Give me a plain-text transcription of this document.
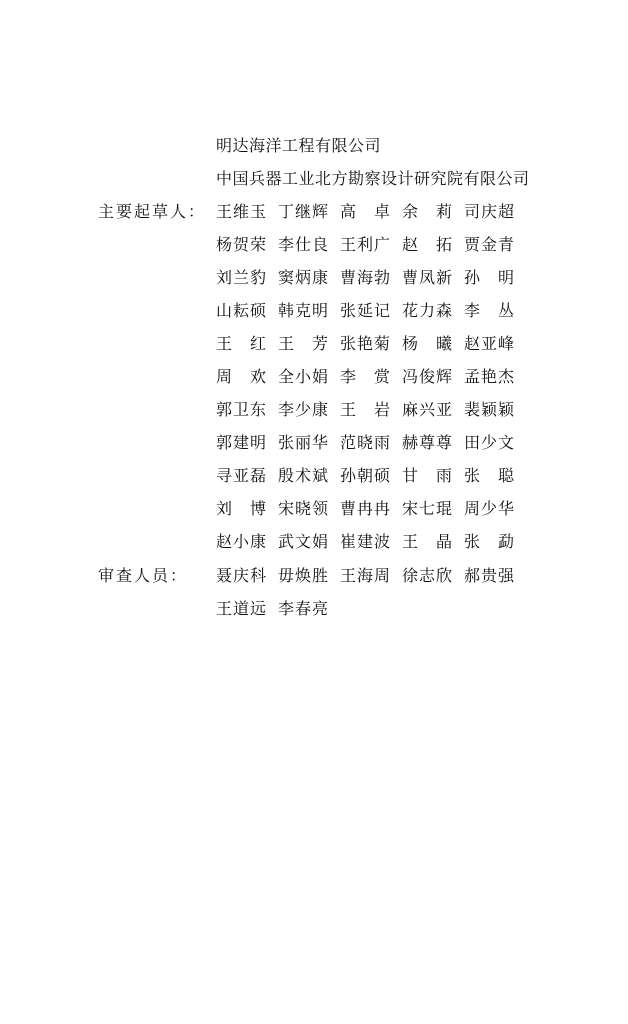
明达海洋工程有限公司
中国兵器工业北方勘察设计研究院有限公司
主要起草人： 王 维 玉 丁 继 辉 高
　 卓 余
　 莉 司 庆 超
杨 贺 荣 李 仕 良 王 利 广 赵
　 拓 贾 金 青
刘 兰 豹 窦 炳 康 曹 海 勃 曹 凤 新 孙
　 明
山 耘 硕 韩 克 明 张 延 记 花 力 森 李
　 丛
王
　 红 王
　 芳 张 艳 菊 杨
　 曦 赵 亚 峰
周
　 欢 全 小 娟 李
　 赏 冯 俊 辉 孟 艳 杰
郭 卫 东 李 少 康 王
　 岩 麻 兴 亚 裴 颖 颖
郭 建 明 张 丽 华 范 晓 雨 赫 尊 尊 田 少 文
寻 亚 磊 殷 术 斌 孙 朝 硕 甘
　 雨 张
　 聪
刘
　 博 宋 晓 领 曹 冉 冉 宋 七 琨 周 少 华
赵 小 康 武 文 娟 崔 建 波 王
　 晶 张
　 勐
审查人员： 聂 庆 科 毋 焕 胜 王 海 周 徐 志 欣 郝 贵 强
王 道 远 李 春 亮
